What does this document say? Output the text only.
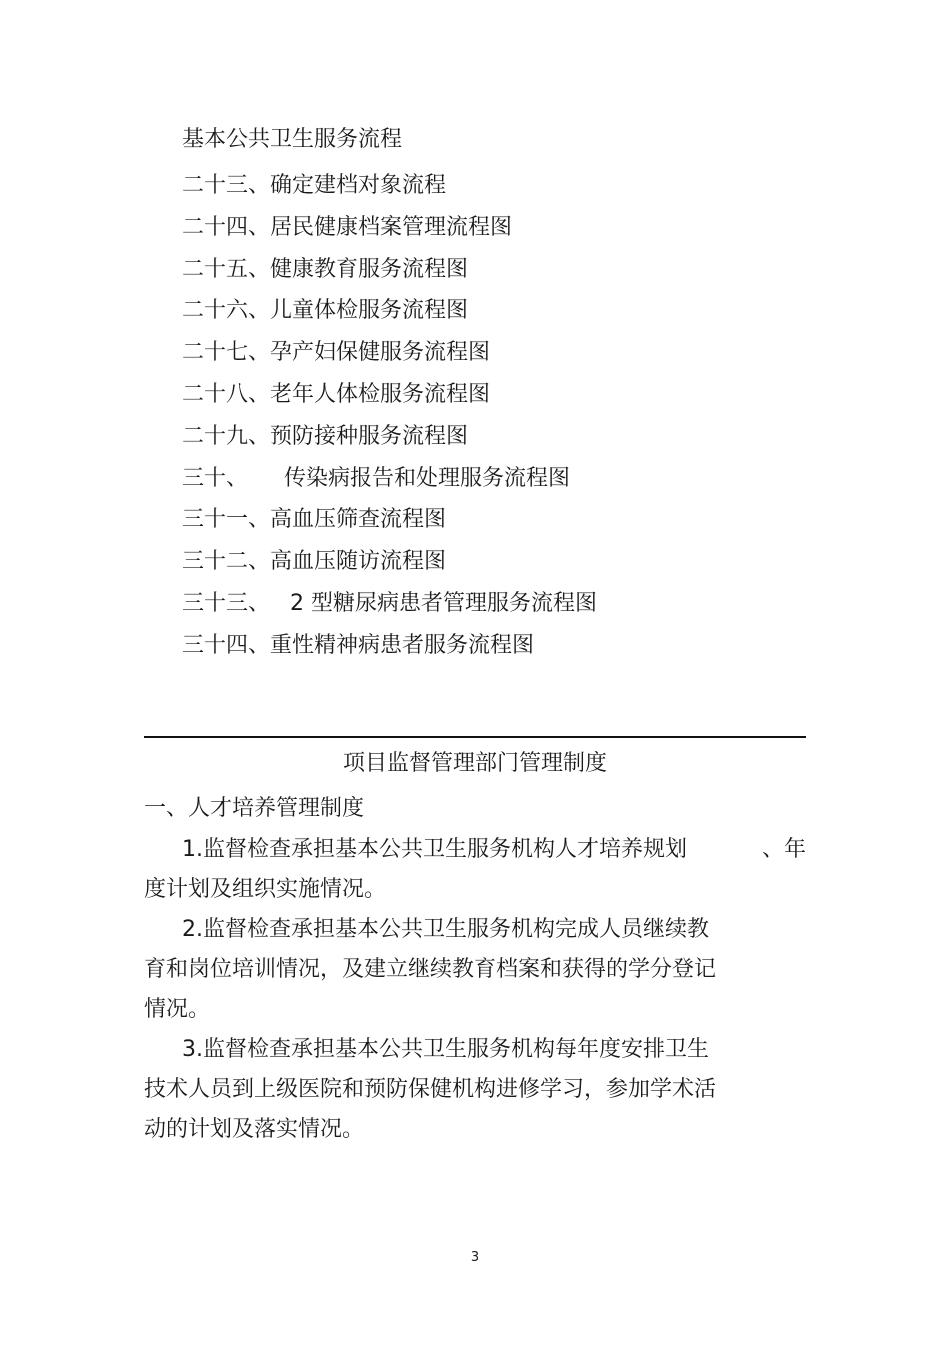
基本公共卫生服务流程
二十三、确定建档对象流程
二十四、居民健康档案管理流程图
二十五、健康教育服务流程图
二十六、儿童体检服务流程图
二十七、孕产妇保健服务流程图
二十八、老年人体检服务流程图
二十九、预防接种服务流程图
三十、 传染病报告和处理服务流程图
三十一、高血压筛查流程图
三十二、高血压随访流程图
三十三、 2 型糖尿病患者管理服务流程图
三十四、重性精神病患者服务流程图
项目监督管理部门管理制度
一、人才培养管理制度
1.监督检查承担基本公共卫生服务机构人才培养规划	、年
度计划及组织实施情况。
2.监督检查承担基本公共卫生服务机构完成人员继续教
育和岗位培训情况，及建立继续教育档案和获得的学分登记
情况。
3.监督检查承担基本公共卫生服务机构每年度安排卫生
技术人员到上级医院和预防保健机构进修学习，参加学术活
动的计划及落实情况。
3
